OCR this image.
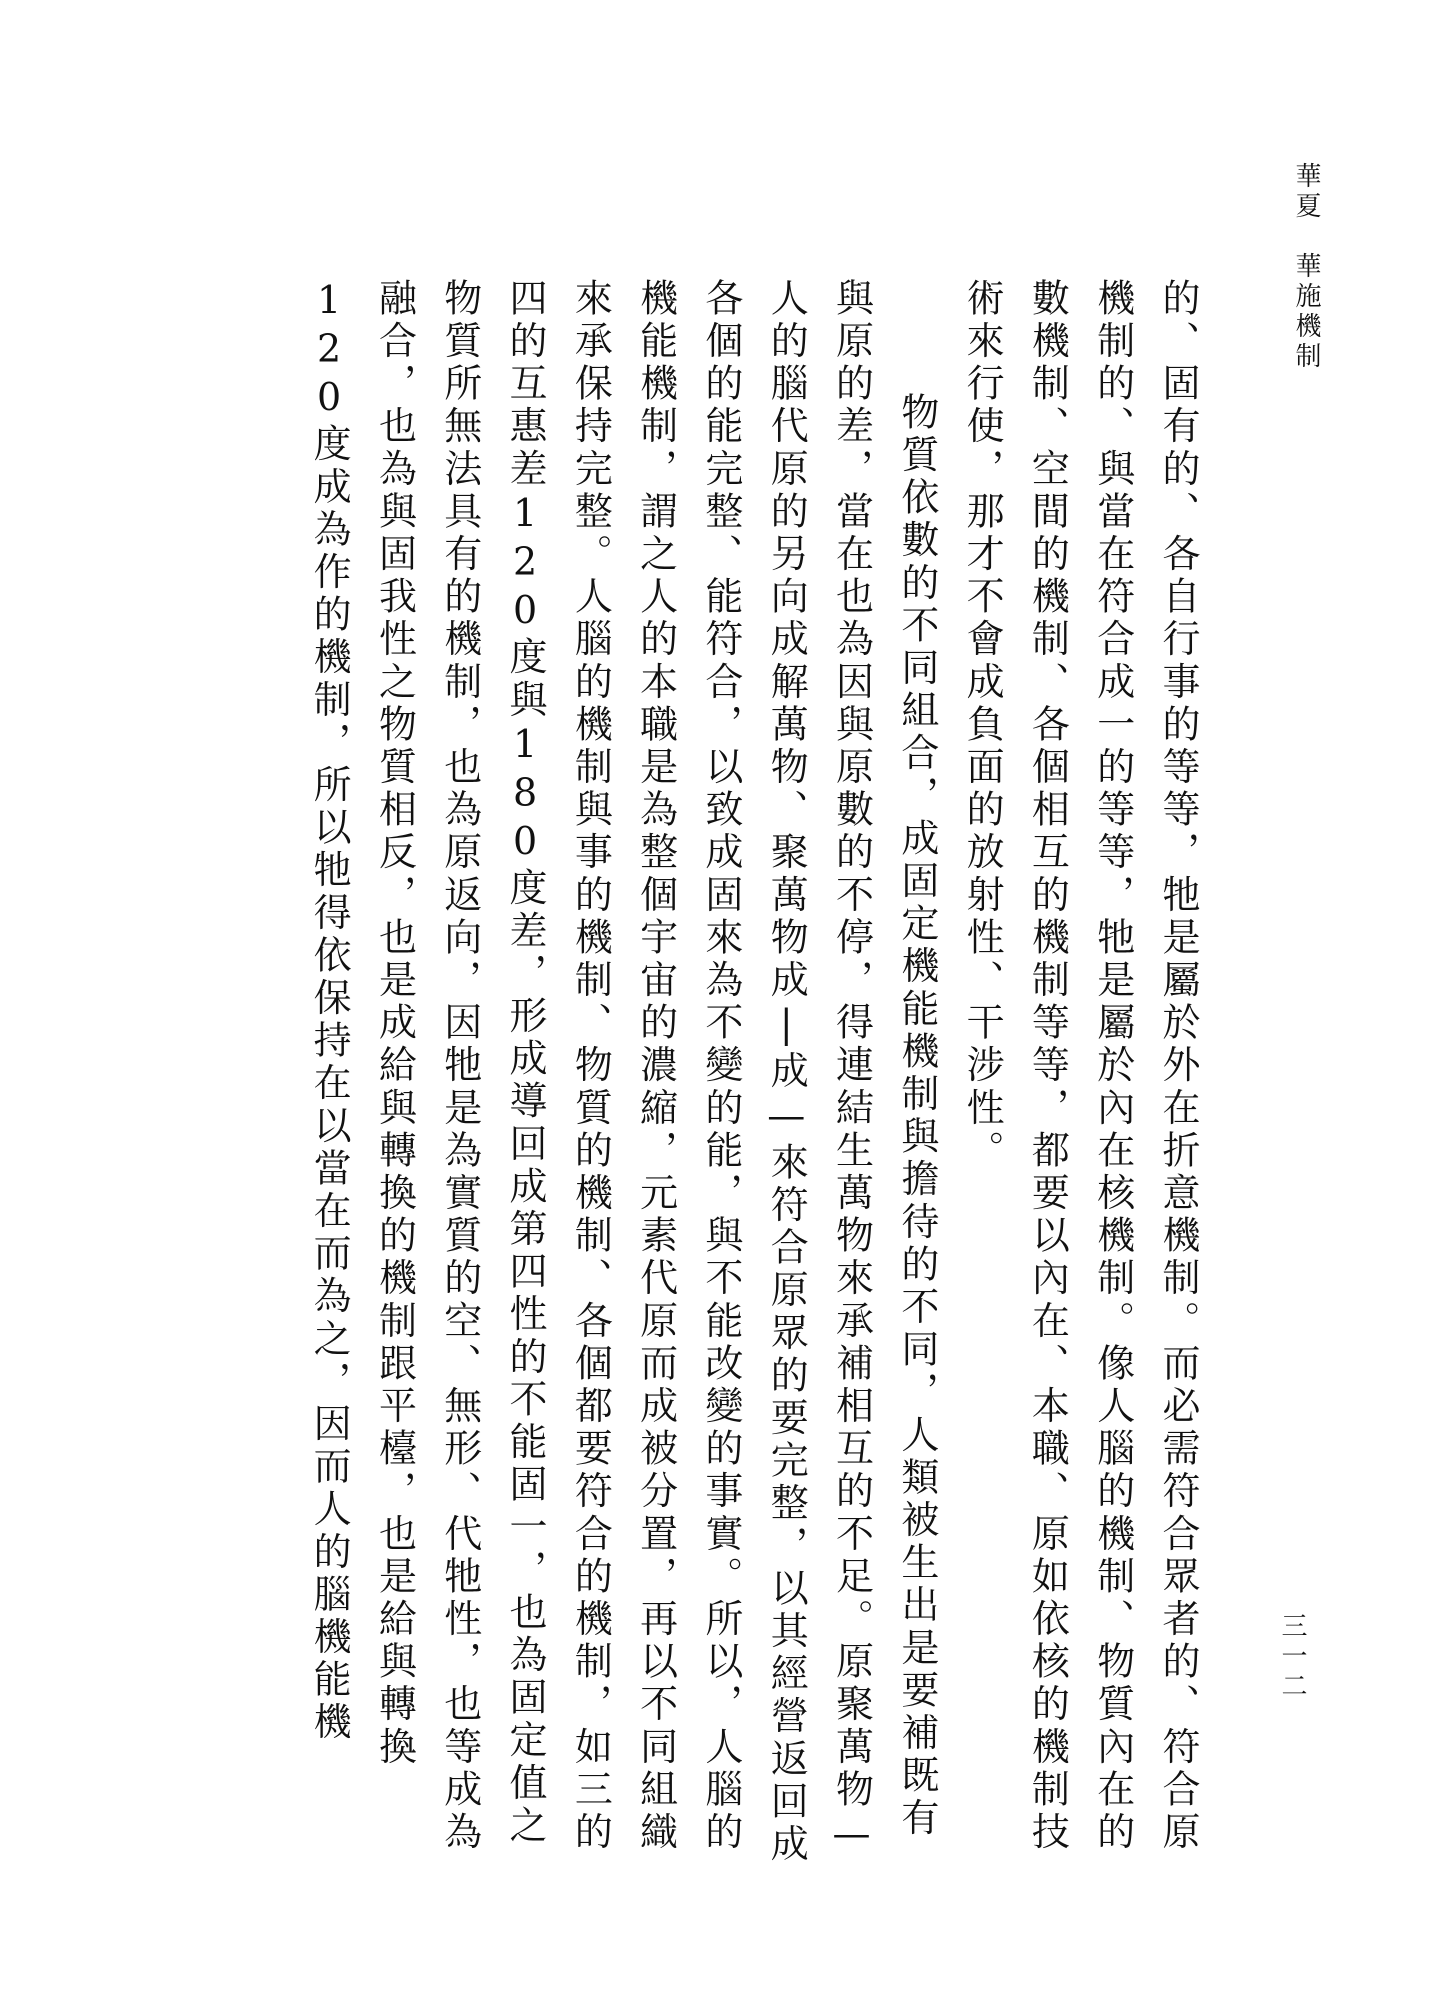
華夏　華施機制

的、固有的、各自行事的等等，牠是屬於外在折意機制。而必需符合眾者的、符合原機制的、與當在符合成一的等等，牠是屬於內在核機制。像人腦的機制、物質內在的數機制、空間的機制、各個相互的機制等等，都要以內在、本職、原如依核的機制技術來行使，那才不會成負面的放射性、干涉性。

物質依數的不同組合，成固定機能機制與擔待的不同，人類被生出是要補既有與原的差，當在也為因與原數的不停，得連結生萬物來承補相互的不足。原聚萬物—人的腦代原的另向成解萬物、聚萬物成|成—來符合原眾的要完整，以其經營返回成各個的能完整、能符合，以致成固來為不變的能，與不能改變的事實。所以，人腦的機能機制，謂之人的本職是為整個宇宙的濃縮，元素代原而成被分置，再以不同組織來承保持完整。人腦的機制與事的機制、物質的機制、各個都要符合的機制，如三的四的互惠差120度與180度差，形成導回成第四性的不能固一，也為固定值之物質所無法具有的機制，也為原返向，因牠是為實質的空、無形、代牠性，也等成為融合，也為與固我性之物質相反，也是成給與轉換的機制跟平檯，也是給與轉換120度成為作的機制，所以牠得依保持在以當在而為之，因而人的腦機能機	三一二
